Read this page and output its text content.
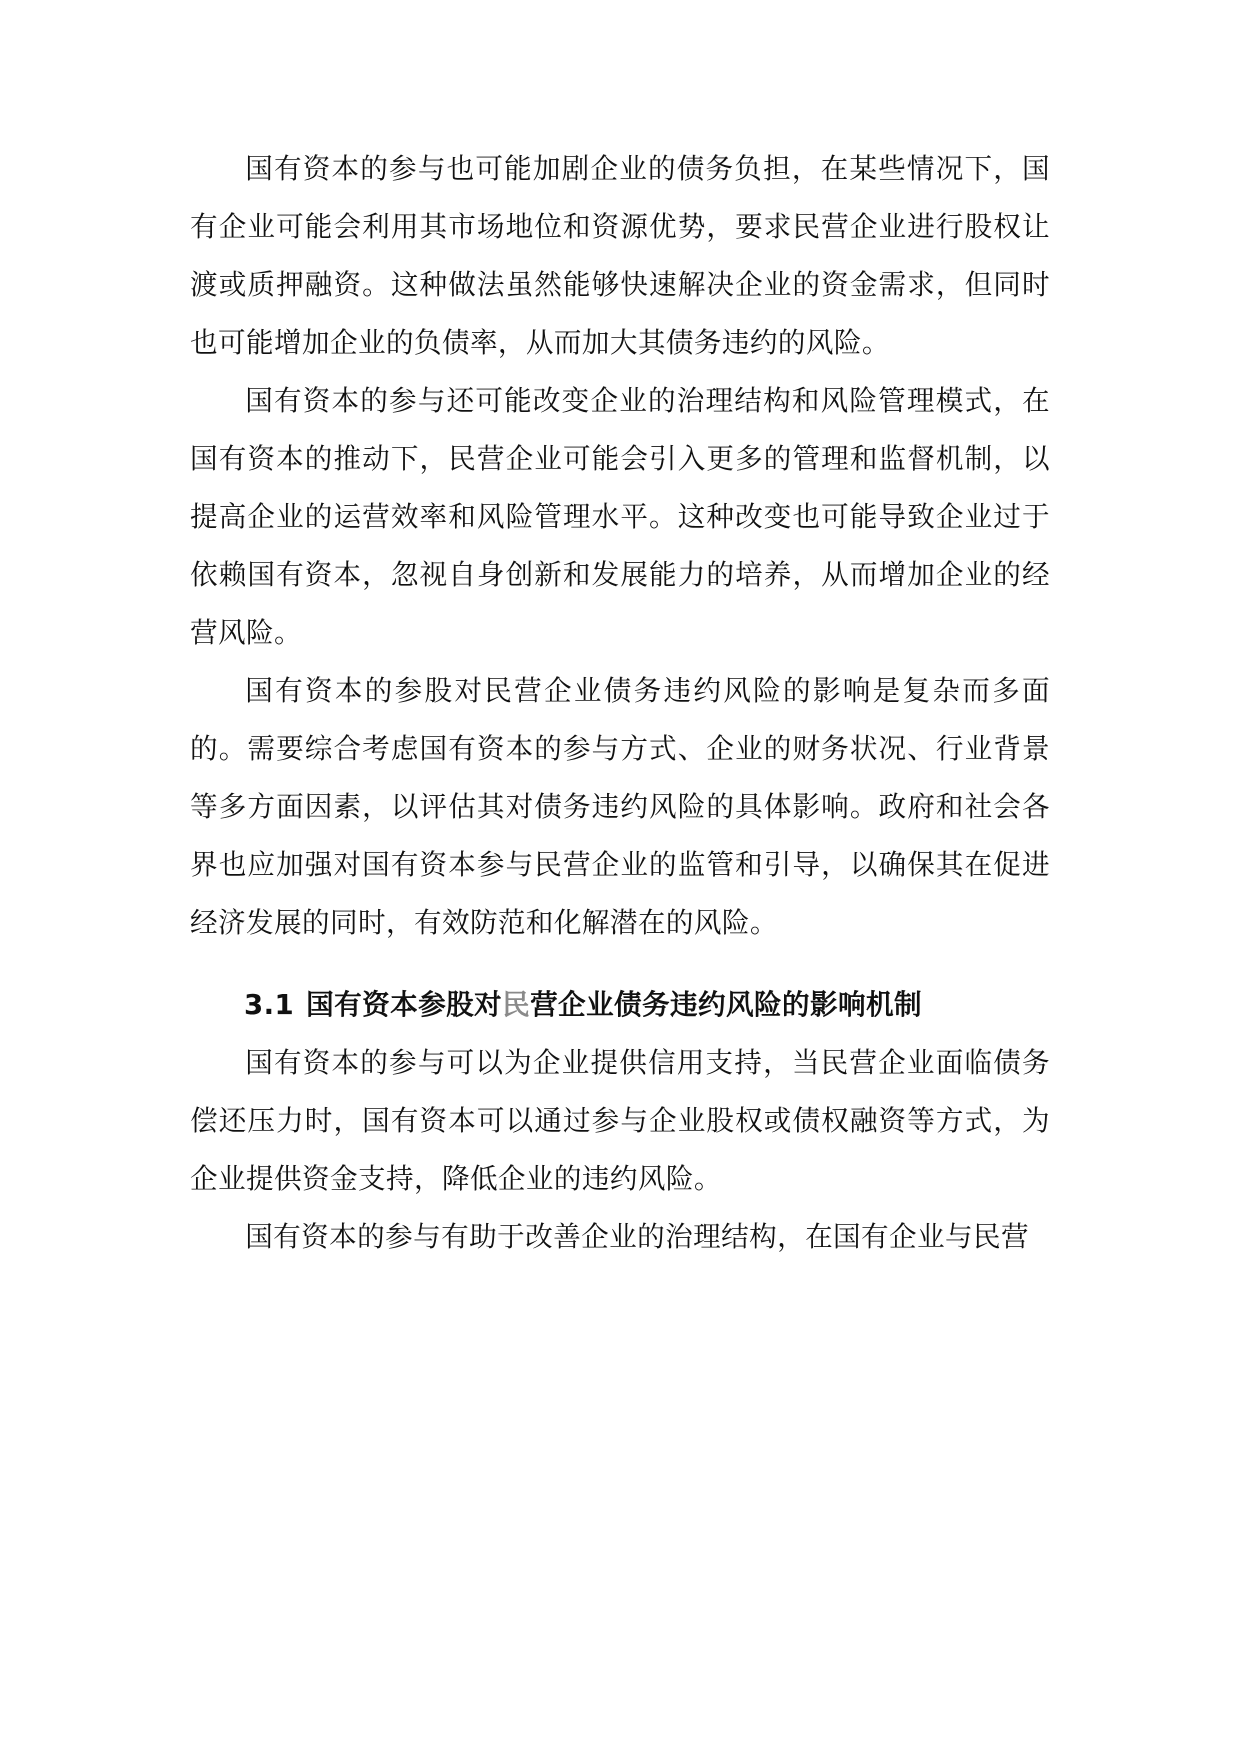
国有资本的参与也可能加剧企业的债务负担，在某些情况下，国有企业可能会利用其市场地位和资源优势，要求民营企业进行股权让渡或质押融资。这种做法虽然能够快速解决企业的资金需求，但同时也可能增加企业的负债率，从而加大其债务违约的风险。

国有资本的参与还可能改变企业的治理结构和风险管理模式，在国有资本的推动下，民营企业可能会引入更多的管理和监督机制，以提高企业的运营效率和风险管理水平。这种改变也可能导致企业过于依赖国有资本，忽视自身创新和发展能力的培养，从而增加企业的经营风险。

国有资本的参股对民营企业债务违约风险的影响是复杂而多面的。需要综合考虑国有资本的参与方式、企业的财务状况、行业背景等多方面因素，以评估其对债务违约风险的具体影响。政府和社会各界也应加强对国有资本参与民营企业的监管和引导，以确保其在促进经济发展的同时，有效防范和化解潜在的风险。

3.1 国有资本参股对民营企业债务违约风险的影响机制

国有资本的参与可以为企业提供信用支持，当民营企业面临债务偿还压力时，国有资本可以通过参与企业股权或债权融资等方式，为企业提供资金支持，降低企业的违约风险。

国有资本的参与有助于改善企业的治理结构，在国有企业与民营
